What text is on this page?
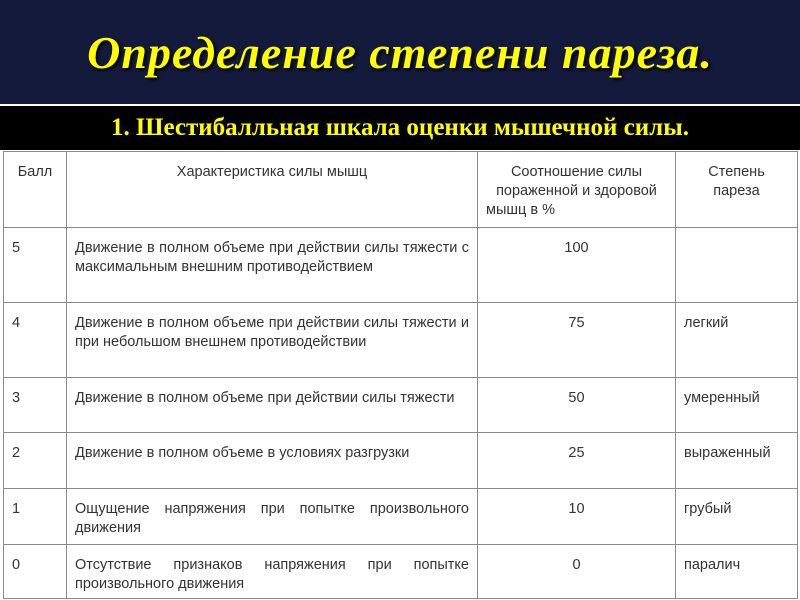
Определение степени пареза.
1. Шестибалльная шкала оценки мышечной силы.
Балл	Характеристика силы мышц	Соотношение силы пораженной и здоровой мышц в %	Степень пареза
5	Движение в полном объеме при действии силы тяжести с максимальным внешним противодействием	100	
4	Движение в полном объеме при действии силы тяжести и при небольшом внешнем противодействии	75	легкий
3	Движение в полном объеме при действии силы тяжести	50	умеренный
2	Движение в полном объеме в условиях разгрузки	25	выраженный
1	Ощущение напряжения при попытке произвольного движения	10	грубый
0	Отсутствие признаков напряжения при попытке произвольного движения	0	паралич
